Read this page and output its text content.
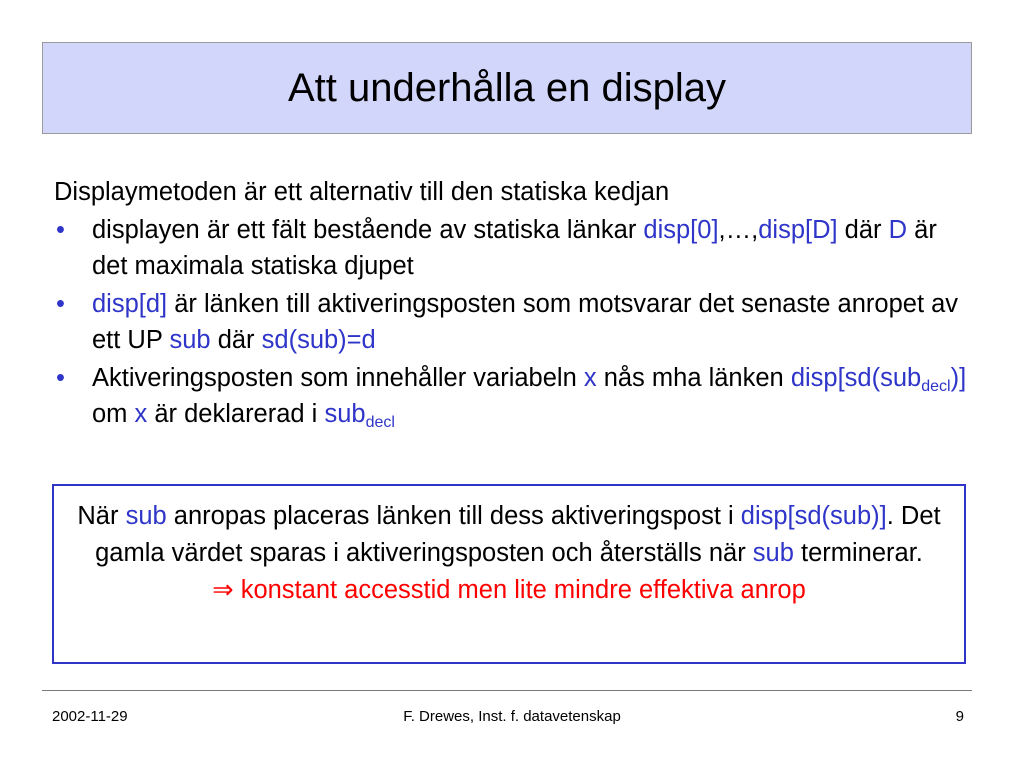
Att underhålla en display
Displaymetoden är ett alternativ till den statiska kedjan
• displayen är ett fält bestående av statiska länkar disp[0],…,disp[D] där D är det maximala statiska djupet
• disp[d] är länken till aktiveringsposten som motsvarar det senaste anropet av ett UP sub där sd(sub)=d
• Aktiveringsposten som innehåller variabeln x nås mha länken disp[sd(sub$_{decl}$)] om x är deklarerad i sub$_{decl}$
När sub anropas placeras länken till dess aktiveringspost i disp[sd(sub)]. Det gamla värdet sparas i aktiveringsposten och återställs när sub terminerar.
⇒ konstant accesstid men lite mindre effektiva anrop
2002-11-29	F. Drewes, Inst. f. datavetenskap	9
